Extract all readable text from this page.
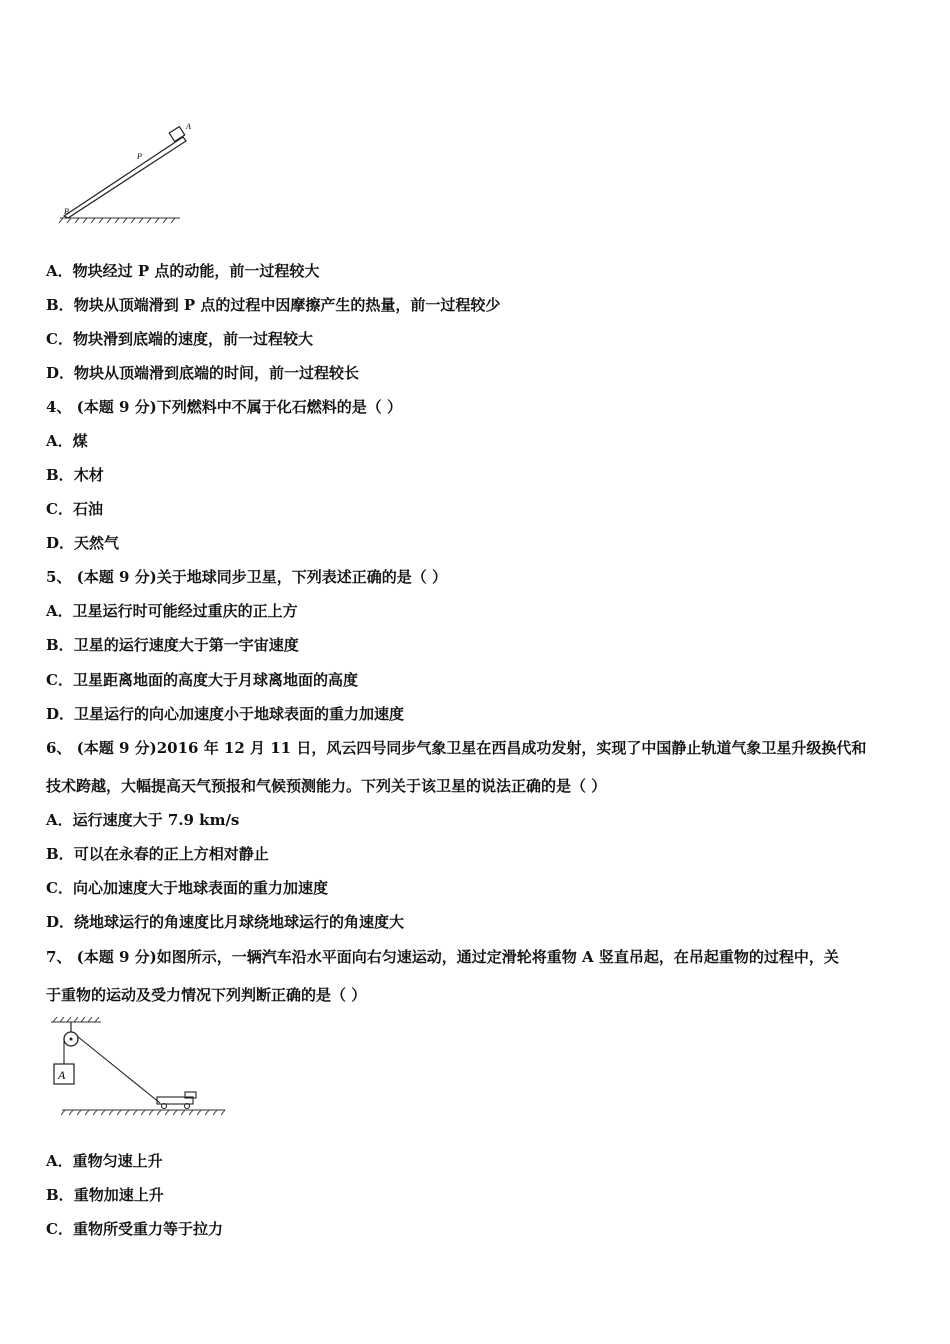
A
P
B
A．物块经过 P 点的动能，前一过程较大
B．物块从顶端滑到 P 点的过程中因摩擦产生的热量，前一过程较少
C．物块滑到底端的速度，前一过程较大
D．物块从顶端滑到底端的时间，前一过程较长
4、 (本题 9 分)下列燃料中不属于化石燃料的是（ ）
A．煤
B．木材
C．石油
D．天然气
5、 (本题 9 分)关于地球同步卫星，下列表述正确的是（ ）
A．卫星运行时可能经过重庆的正上方
B．卫星的运行速度大于第一宇宙速度
C．卫星距离地面的高度大于月球离地面的高度
D．卫星运行的向心加速度小于地球表面的重力加速度
6、 (本题 9 分)2016 年 12 月 11 日，风云四号同步气象卫星在西昌成功发射，实现了中国静止轨道气象卫星升级换代和
技术跨越，大幅提高天气预报和气候预测能力。下列关于该卫星的说法正确的是（ ）
A．运行速度大于 7.9 km/s
B．可以在永春的正上方相对静止
C．向心加速度大于地球表面的重力加速度
D．绕地球运行的角速度比月球绕地球运行的角速度大
7、 (本题 9 分)如图所示，一辆汽车沿水平面向右匀速运动，通过定滑轮将重物 A 竖直吊起，在吊起重物的过程中，关
于重物的运动及受力情况下列判断正确的是（ ）
A
A．重物匀速上升
B．重物加速上升
C．重物所受重力等于拉力
